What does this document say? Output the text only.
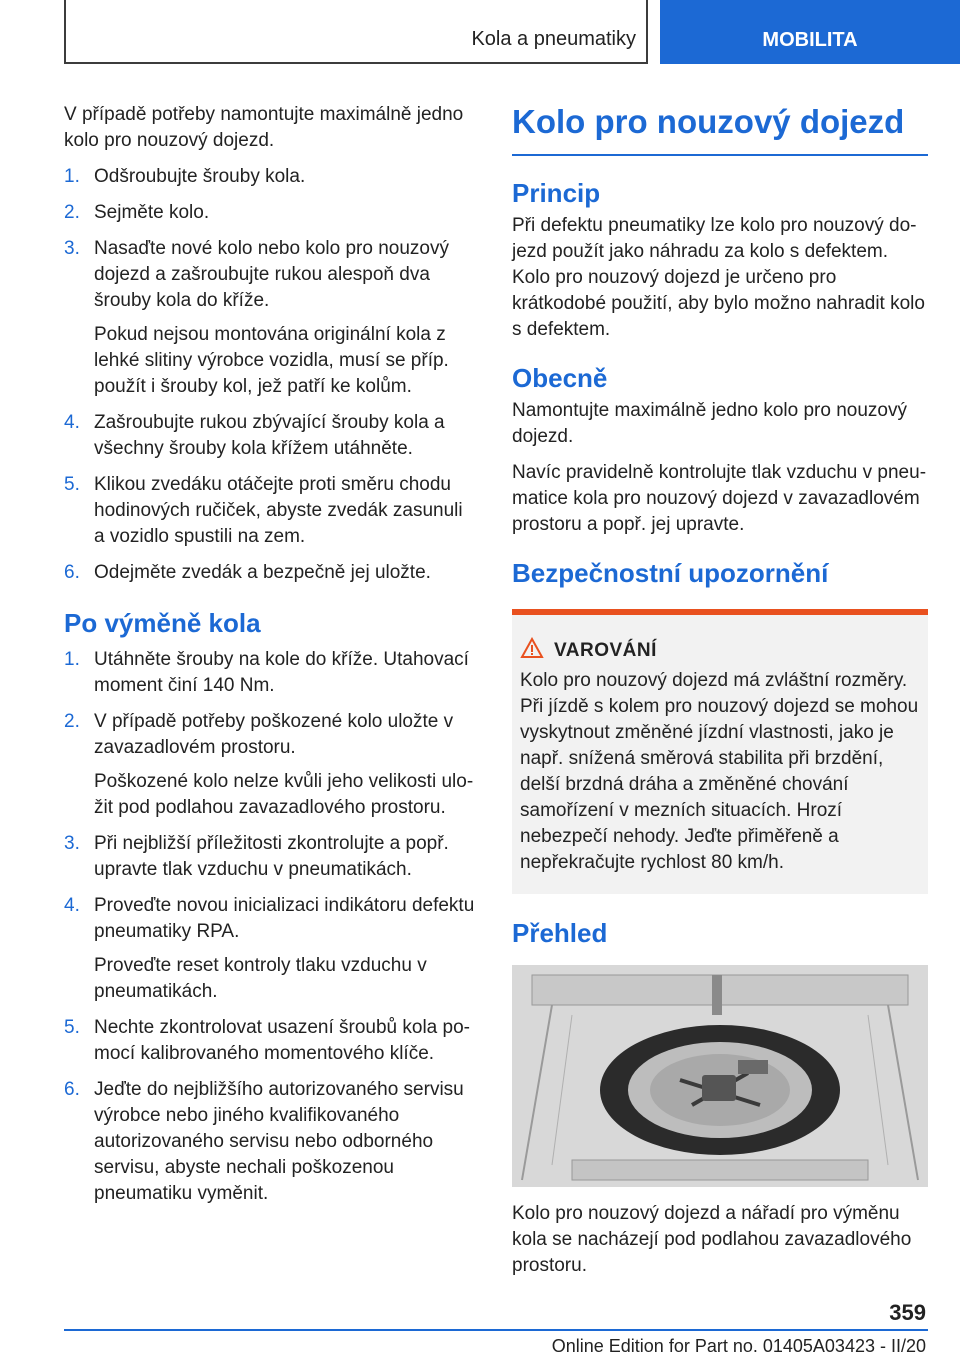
Kola a pneumatiky	MOBILITA

V případě potřeby namontujte maximálně jedno kolo pro nouzový dojezd.

1. Odšroubujte šrouby kola.

2. Sejměte kolo.

3. Nasaďte nové kolo nebo kolo pro nouzový dojezd a zašroubujte rukou alespoň dva šrouby kola do kříže.

Pokud nejsou montována originální kola z lehké slitiny výrobce vozidla, musí se příp. použít i šrouby kol, jež patří ke kolům.

4. Zašroubujte rukou zbývající šrouby kola a všechny šrouby kola křížem utáhněte.

5. Klikou zvedáku otáčejte proti směru chodu hodinových ručiček, abyste zvedák zasunuli a vozidlo spustili na zem.

6. Odejměte zvedák a bezpečně jej uložte.

Po výměně kola
1. Utáhněte šrouby na kole do kříže. Utahovací moment činí 140 Nm.

2. V případě potřeby poškozené kolo uložte v zavazadlovém prostoru.

Poškozené kolo nelze kvůli jeho velikosti uložit pod podlahou zavazadlového prostoru.

3. Při nejbližší příležitosti zkontrolujte a popř. upravte tlak vzduchu v pneumatikách.

4. Proveďte novou inicializaci indikátoru defektu pneumatiky RPA.

Proveďte reset kontroly tlaku vzduchu v pneumatikách.

5. Nechte zkontrolovat usazení šroubů kola pomocí kalibrovaného momentového klíče.

6. Jeďte do nejbližšího autorizovaného servisu výrobce nebo jiného kvalifikovaného autorizovaného servisu nebo odborného servisu, abyste nechali poškozenou pneumatiku vyměnit.

Kolo pro nouzový dojezd
Princip

Při defektu pneumatiky lze kolo pro nouzový dojezd použít jako náhradu za kolo s defektem. Kolo pro nouzový dojezd je určeno pro krátkodobé použití, aby bylo možno nahradit kolo s defektem.

Obecně

Namontujte maximálně jedno kolo pro nouzový dojezd.

Navíc pravidelně kontrolujte tlak vzduchu v pneumatice kola pro nouzový dojezd v zavazadlovém prostoru a popř. jej upravte.

Bezpečnostní upozornění
VAROVÁNÍ

Kolo pro nouzový dojezd má zvláštní rozměry. Při jízdě s kolem pro nouzový dojezd se mohou vyskytnout změněné jízdní vlastnosti, jako je např. snížená směrová stabilita při brzdění, delší brzdná dráha a změněné chování samořízení v mezních situacích. Hrozí nebezpečí nehody. Jeďte přiměřeně a nepřekračujte rychlost 80 km/h.

Přehled

Kolo pro nouzový dojezd a nářadí pro výměnu kola se nacházejí pod podlahou zavazadlového prostoru.

359
Online Edition for Part no. 01405A03423 - II/20
